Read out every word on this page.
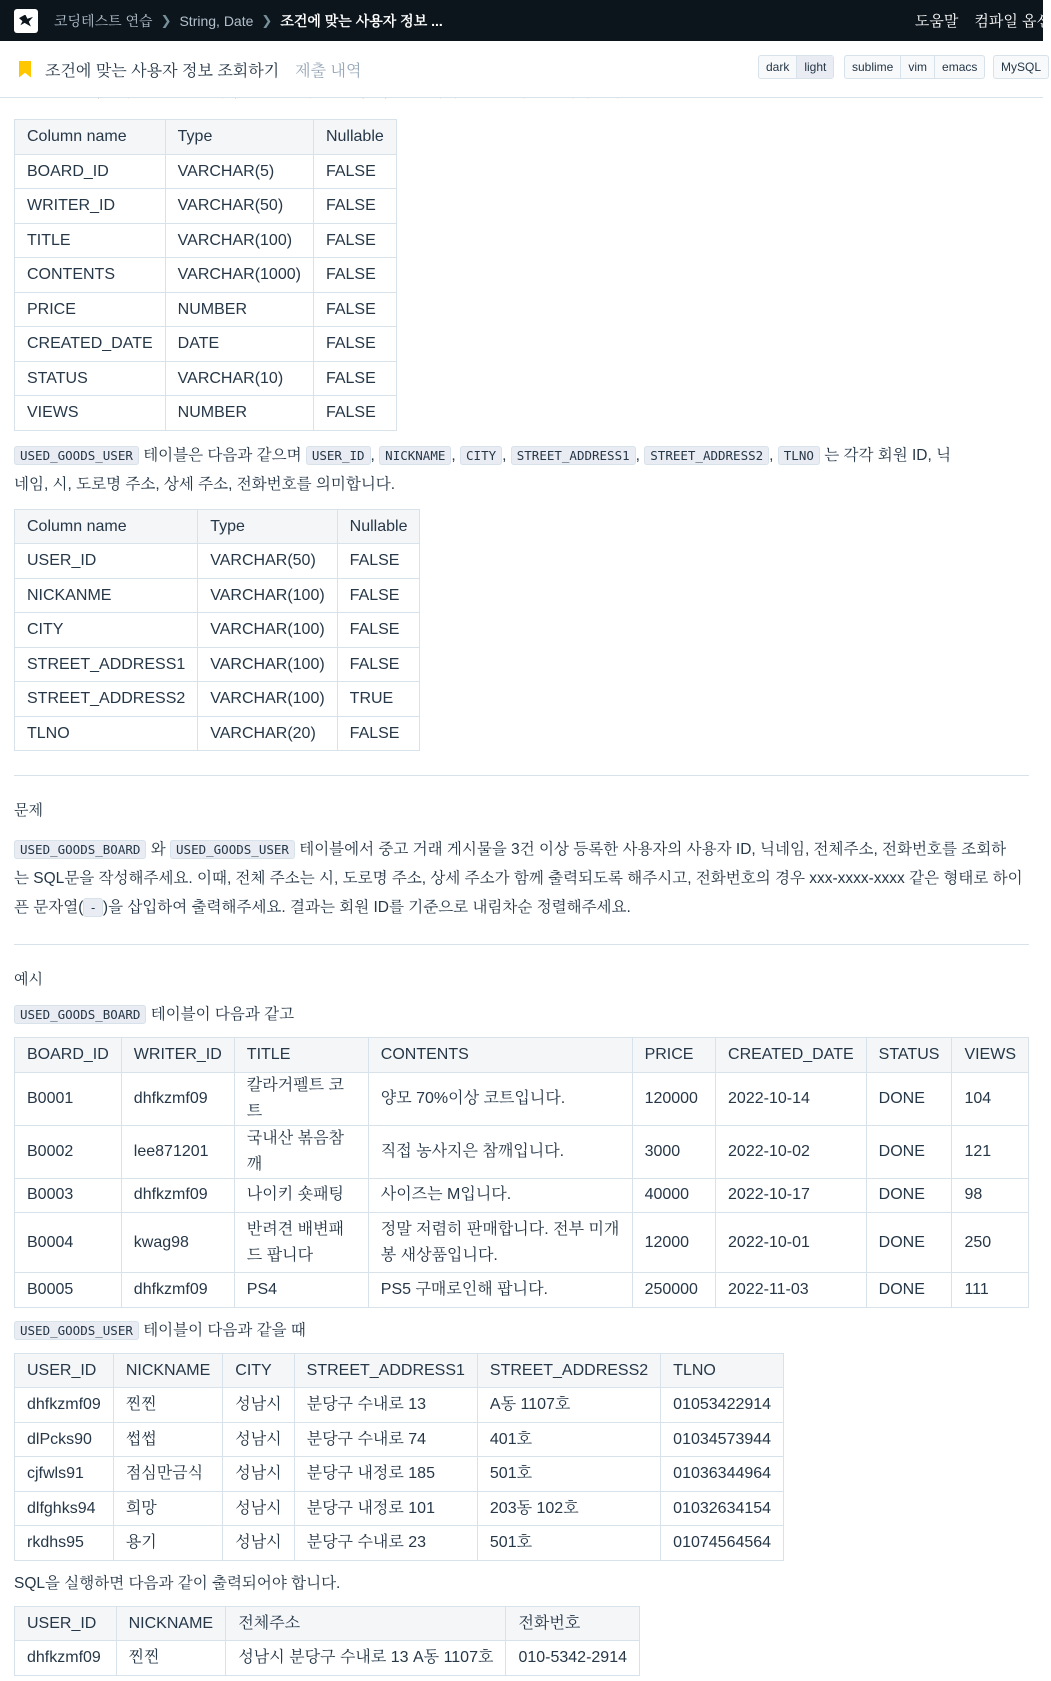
코딩테스트 연습 ❯ String, Date ❯ 조건에 맞는 사용자 정보 ...	도움말 컴파일 옵션
조건에 맞는 사용자 정보 조회하기 제출 내역	dark	light	sublime	vim	emacs	MySQL
Column name	Type	Nullable
BOARD_ID	VARCHAR(5)	FALSE
WRITER_ID	VARCHAR(50)	FALSE
TITLE	VARCHAR(100)	FALSE
CONTENTS	VARCHAR(1000)	FALSE
PRICE	NUMBER	FALSE
CREATED_DATE	DATE	FALSE
STATUS	VARCHAR(10)	FALSE
VIEWS	NUMBER	FALSE

USED_GOODS_USER 테이블은 다음과 같으며 USER_ID , NICKNAME , CITY , STREET_ADDRESS1 , STREET_ADDRESS2 , TLNO 는 각각 회원 ID, 닉
네임, 시, 도로명 주소, 상세 주소, 전화번호를 의미합니다.

Column name	Type	Nullable
USER_ID	VARCHAR(50)	FALSE
NICKANME	VARCHAR(100)	FALSE
CITY	VARCHAR(100)	FALSE
STREET_ADDRESS1	VARCHAR(100)	FALSE
STREET_ADDRESS2	VARCHAR(100)	TRUE
TLNO	VARCHAR(20)	FALSE

문제

USED_GOODS_BOARD 와 USED_GOODS_USER 테이블에서 중고 거래 게시물을 3건 이상 등록한 사용자의 사용자 ID, 닉네임, 전체주소, 전화번호를 조회하
는 SQL문을 작성해주세요. 이때, 전체 주소는 시, 도로명 주소, 상세 주소가 함께 출력되도록 해주시고, 전화번호의 경우 xxx-xxxx-xxxx 같은 형태로 하이
픈 문자열( - )을 삽입하여 출력해주세요. 결과는 회원 ID를 기준으로 내림차순 정렬해주세요.

예시

USED_GOODS_BOARD 테이블이 다음과 같고

BOARD_ID	WRITER_ID	TITLE	CONTENTS	PRICE	CREATED_DATE	STATUS	VIEWS
B0001	dhfkzmf09	칼라거펠트 코트	양모 70%이상 코트입니다.	120000	2022-10-14	DONE	104
B0002	lee871201	국내산 볶음참깨	직접 농사지은 참깨입니다.	3000	2022-10-02	DONE	121
B0003	dhfkzmf09	나이키 숏패팅	사이즈는 M입니다.	40000	2022-10-17	DONE	98
B0004	kwag98	반려견 배변패드 팝니다	정말 저렴히 판매합니다. 전부 미개봉 새상품입니다.	12000	2022-10-01	DONE	250
B0005	dhfkzmf09	PS4	PS5 구매로인해 팝니다.	250000	2022-11-03	DONE	111

USED_GOODS_USER 테이블이 다음과 같을 때

USER_ID	NICKNAME	CITY	STREET_ADDRESS1	STREET_ADDRESS2	TLNO
dhfkzmf09	찐찐	성남시	분당구 수내로 13	A동 1107호	01053422914
dlPcks90	썹썹	성남시	분당구 수내로 74	401호	01034573944
cjfwls91	점심만금식	성남시	분당구 내정로 185	501호	01036344964
dlfghks94	희망	성남시	분당구 내정로 101	203동 102호	01032634154
rkdhs95	용기	성남시	분당구 수내로 23	501호	01074564564

SQL을 실행하면 다음과 같이 출력되어야 합니다.

USER_ID	NICKNAME	전체주소	전화번호
dhfkzmf09	찐찐	성남시 분당구 수내로 13 A동 1107호	010-5342-2914
